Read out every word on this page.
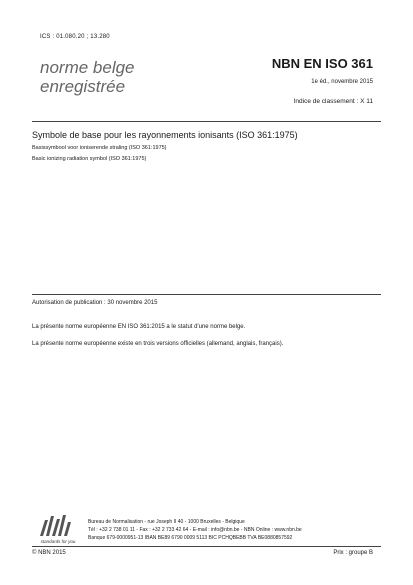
ICS : 01.080.20 ; 13.280
norme belge
enregistrée
NBN EN ISO 361
1e éd., novembre 2015
Indice de classement : X 11
Symbole de base pour les rayonnements ionisants (ISO 361:1975)
Basissymbool voor ioniserende straling (ISO 361:1975)
Basic ionizing radiation symbol (ISO 361:1975)
Autorisation de publication : 30 novembre 2015
La présente norme européenne EN ISO 361:2015 a le statut d'une norme belge.
La présente norme européenne existe en trois versions officielles (allemand, anglais, français).
standards for you
Bureau de Normalisation - rue Joseph II 40 - 1000 Bruxelles - Belgique
Tél : +32 2 738 01 11 - Fax : +32 2 733 42 64 - E-mail : info@nbn.be - NBN Online : www.nbn.be
Banque 679-0000951-13 IBAN BE89 6790 0009 5113 BIC PCHQBEBB TVA BE0880857592
© NBN 2015	Prix : groupe B
